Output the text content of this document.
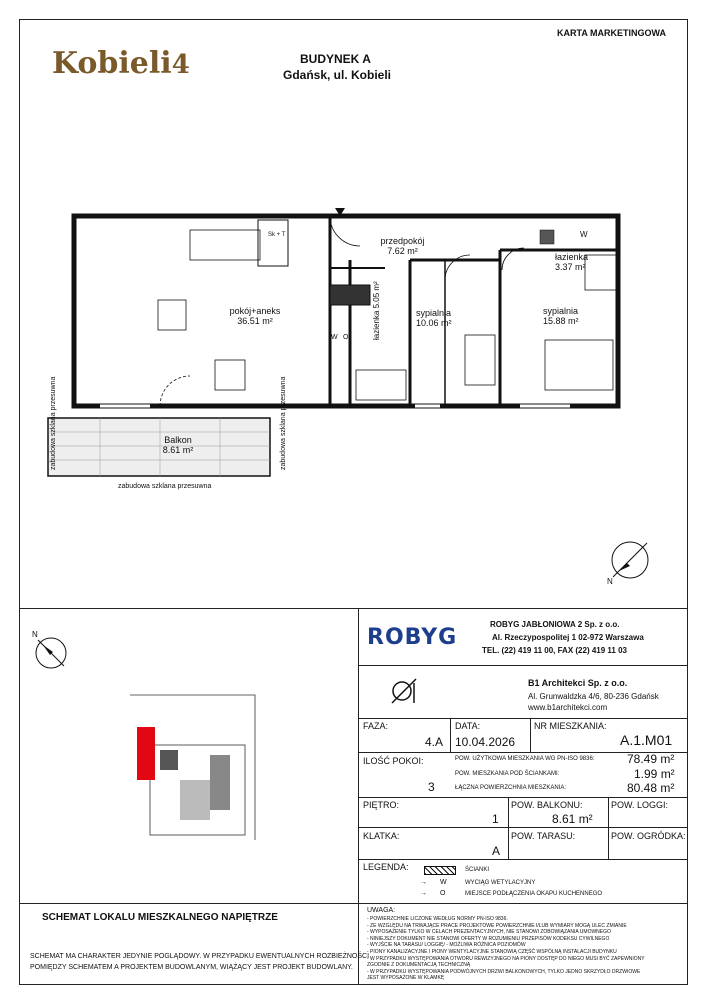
Kobieli4	BUDYNEK A
Gdańsk, ul. Kobieli
KARTA MARKETINGOWA
pokój+aneks
36.51 m²
przedpokój
7.62 m²
łazienka
3.37 m²
łazienka 5.05 m²
sypialnia
10.06 m²
sypialnia
15.88 m²
Balkon
8.61 m²
Sk + T	W
W O
zabudowa szklana przesuwna	zabudowa szklana przesuwna
zabudowa szklana przesuwna
N
N	ROBYG
ROBYG JABŁONIOWA 2 Sp. z o.o.
Al. Rzeczypospolitej 1 02-972 Warszawa
TEL. (22) 419 11 00, FAX (22) 419 11 03
B1 Architekci Sp. z o.o.
Al. Grunwaldzka 4/6, 80-236 Gdańsk
www.b1architekci.com
FAZA:
4.A
DATA:
10.04.2026
NR MIESZKANIA:
A.1.M01
ILOŚĆ POKOI:
3
POW. UŻYTKOWA MIESZKANIA WG PN-ISO 9836:	78.49 m²
POW. MIESZKANIA POD ŚCIANKAMI:	1.99 m²
ŁĄCZNA POWIERZCHNIA MIESZKANIA:	80.48 m²
PIĘTRO:
1
POW. BALKONU:
8.61 m²
POW. LOGGI:
KLATKA:
A
POW. TARASU:	POW. OGRÓDKA:
LEGENDA:	ŚCIANKI
→ W	WYCIĄG WETYLACYJNY
→ O	MIEJSCE PODŁĄCZENIA OKAPU KUCHENNEGO
UWAGA:
- POWIERZCHNIE LICZONE WEDŁUG NORMY PN-ISO 9836.
- ZE WZGLĘDU NA TRWAJĄCE PRACE PROJEKTOWE POWIERZCHNIE I/LUB WYMIARY MOGĄ ULEC ZMIANIE
- WYPOSAŻENIE TYLKO W CELACH PREZENTACYJNYCH, NIE STANOWI ZOBOWIĄZANIA UMOWNEGO
- NINIEJSZY DOKUMENT NIE STANOWI OFERTY W ROZUMIENIU PRZEPISÓW KODEKSU CYWILNEGO
- WYJŚCIE NA TARASU/ LOGGIĘ/ - MOŻLIWA RÓŻNICA POZIOMÓW
- PIONY KANALIZACYJNE I PIONY WENTYLACYJNE STANOWIĄ CZĘŚĆ WSPÓLNĄ INSTALACJI BUDYNKU
- W PRZYPADKU WYSTĘPOWANIA OTWORU REWIZYJNEGO NA PIONY DOSTĘP DO NIEGO MUSI BYĆ ZAPEWNIONY
ZGODNIE Z DOKUMENTACJĄ TECHNICZNĄ
- W PRZYPADKU WYSTĘPOWANIA PODWÓJNYCH DRZWI BALKONOWYCH, TYLKO JEDNO SKRZYDŁO DRZWIOWE
JEST WYPOSAŻONE W KLAMKĘ
SCHEMAT LOKALU MIESZKALNEGO NAPIĘTRZE
SCHEMAT MA CHARAKTER JEDYNIE POGLĄDOWY. W PRZYPADKU EWENTUALNYCH ROZBIEŻNOŚCI
POMIĘDZY SCHEMATEM A PROJEKTEM BUDOWLANYM, WIĄŻĄCY JEST PROJEKT BUDOWLANY.
